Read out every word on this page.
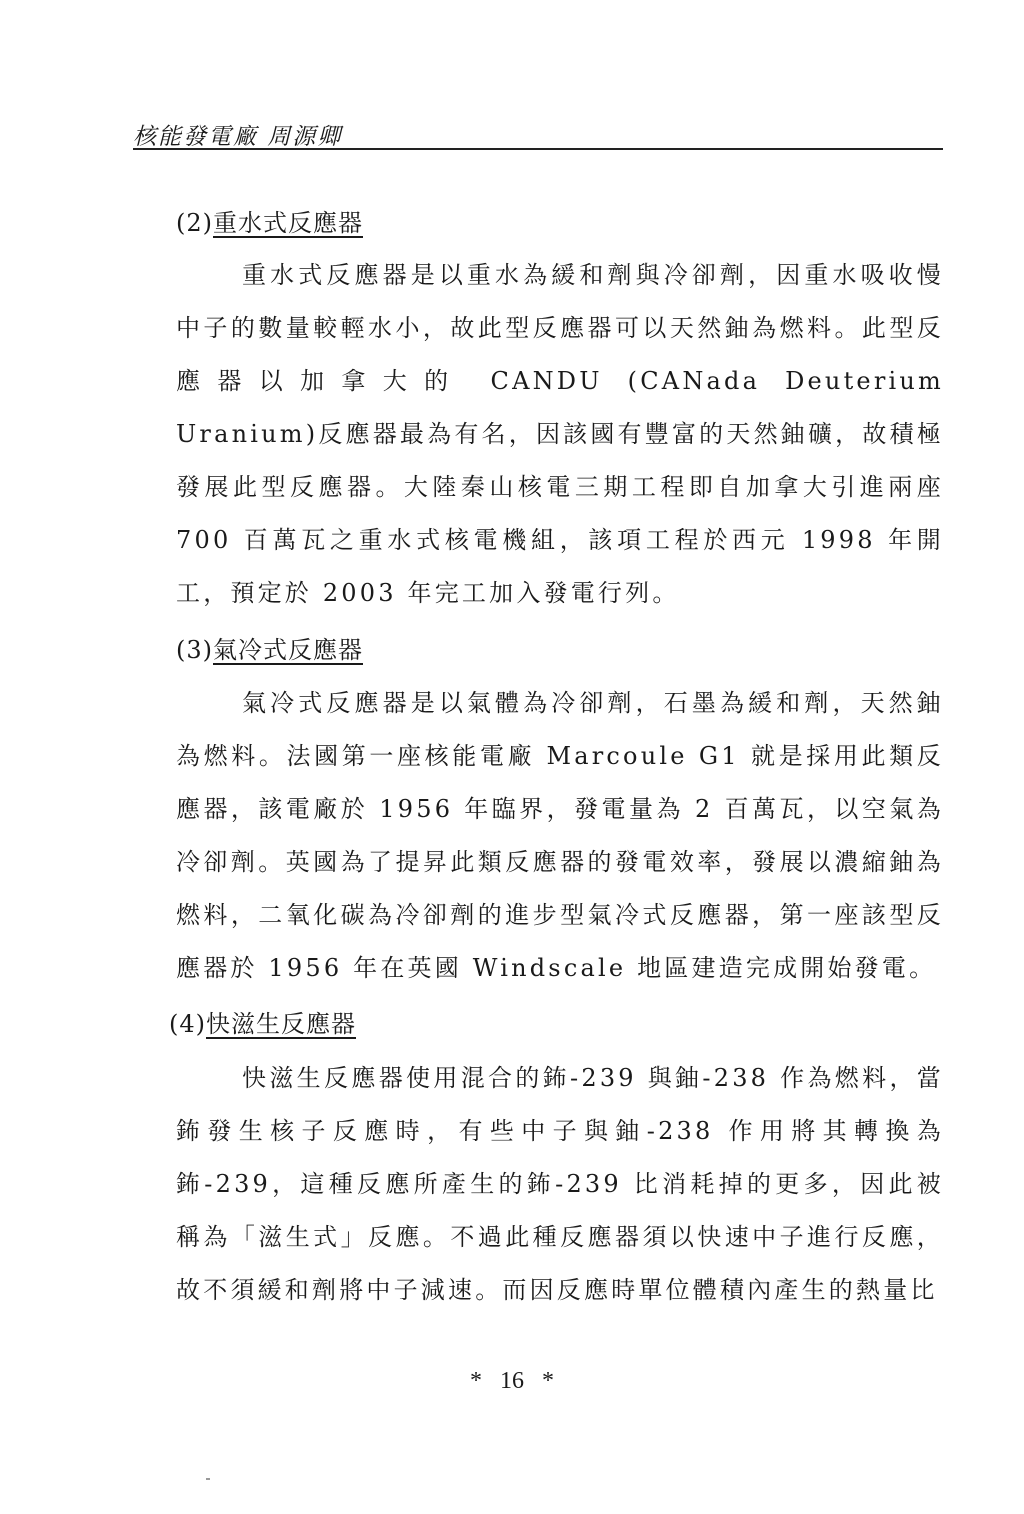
核能發電廠 周源卿
(2)重水式反應器

重水式反應器是以重水為緩和劑與冷卻劑，因重水吸收慢中子的數量較輕水小，故此型反應器可以天然鈾為燃料。此型反應器以加拿大的 CANDU (CANada Deuterium Uranium)反應器最為有名，因該國有豐富的天然鈾礦，故積極發展此型反應器。大陸秦山核電三期工程即自加拿大引進兩座 700 百萬瓦之重水式核電機組，該項工程於西元 1998 年開工，預定於 2003 年完工加入發電行列。

(3)氣冷式反應器

氣冷式反應器是以氣體為冷卻劑，石墨為緩和劑，天然鈾為燃料。法國第一座核能電廠 Marcoule G1 就是採用此類反應器，該電廠於 1956 年臨界，發電量為 2 百萬瓦，以空氣為冷卻劑。英國為了提昇此類反應器的發電效率，發展以濃縮鈾為燃料，二氧化碳為冷卻劑的進步型氣冷式反應器，第一座該型反應器於 1956 年在英國 Windscale 地區建造完成開始發電。

(4)快滋生反應器

快滋生反應器使用混合的鈽-239 與鈾-238 作為燃料，當鈽發生核子反應時，有些中子與鈾-238 作用將其轉換為鈽-239，這種反應所產生的鈽-239 比消耗掉的更多，因此被稱為「滋生式」反應。不過此種反應器須以快速中子進行反應，故不須緩和劑將中子減速。而因反應時單位體積內產生的熱量比

* 16 *
